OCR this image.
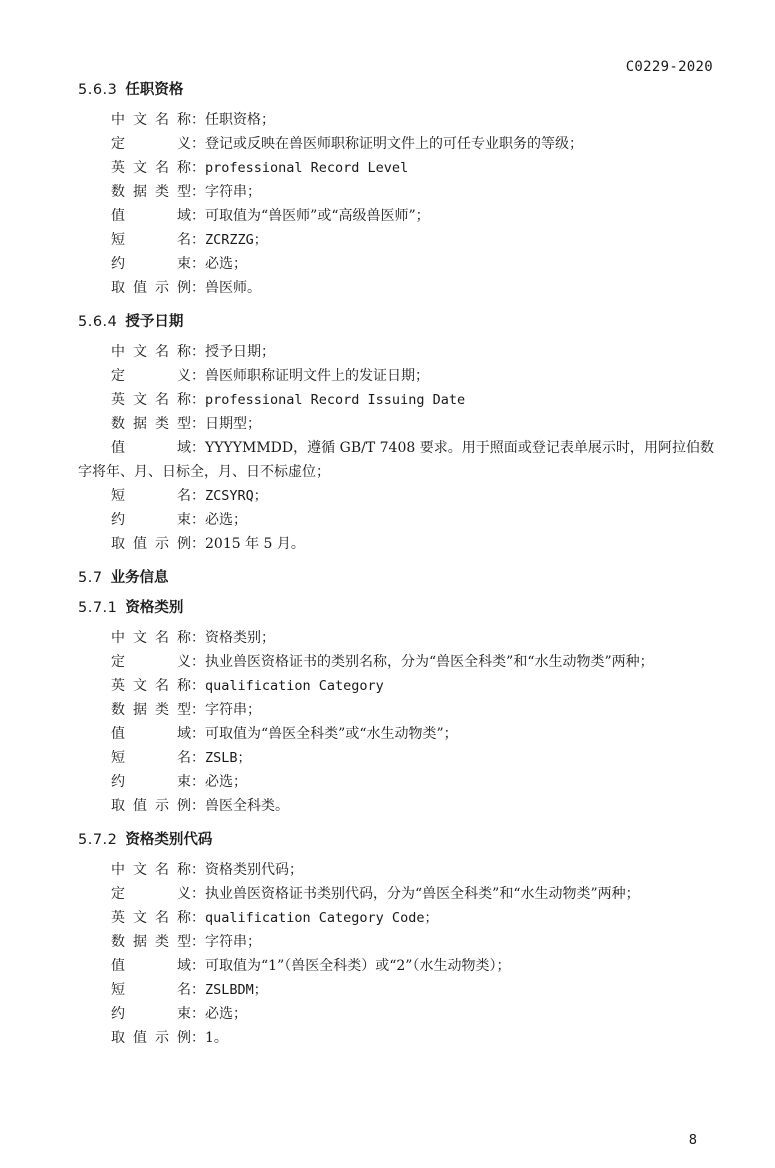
C0229-2020
5.6.3 任职资格
中文名称 ： 任职资格；
定义 ： 登记或反映在兽医师职称证明文件上的可任专业职务的等级；
英文名称 ： professional Record Level
数据类型 ： 字符串；
值域 ： 可取值为“兽医师”或“高级兽医师”；
短名 ： ZCRZZG；
约束 ： 必选；
取值示例 ： 兽医师。
5.6.4 授予日期
中文名称 ： 授予日期；
定义 ： 兽医师职称证明文件上的发证日期；
英文名称 ： professional Record Issuing Date
数据类型 ： 日期型；
值域：YYYYMMDD，遵循 GB/T 7408 要求。用于照面或登记表单展示时，用阿拉伯数字将年、月、日标全，月、日不标虚位；
短名 ： ZCSYRQ；
约束 ： 必选；
取值示例 ： 2015 年 5 月。
5.7 业务信息
5.7.1 资格类别
中文名称 ： 资格类别；
定义 ： 执业兽医资格证书的类别名称，分为“兽医全科类”和“水生动物类”两种；
英文名称 ： qualification Category
数据类型 ： 字符串；
值域 ： 可取值为“兽医全科类”或“水生动物类”；
短名 ： ZSLB；
约束 ： 必选；
取值示例 ： 兽医全科类。
5.7.2 资格类别代码
中文名称 ： 资格类别代码；
定义 ： 执业兽医资格证书类别代码，分为“兽医全科类”和“水生动物类”两种；
英文名称 ： qualification Category Code；
数据类型 ： 字符串；
值域 ： 可取值为“1”（兽医全科类）或“2”（水生动物类）；
短名 ： ZSLBDM；
约束 ： 必选；
取值示例 ： 1。
8
